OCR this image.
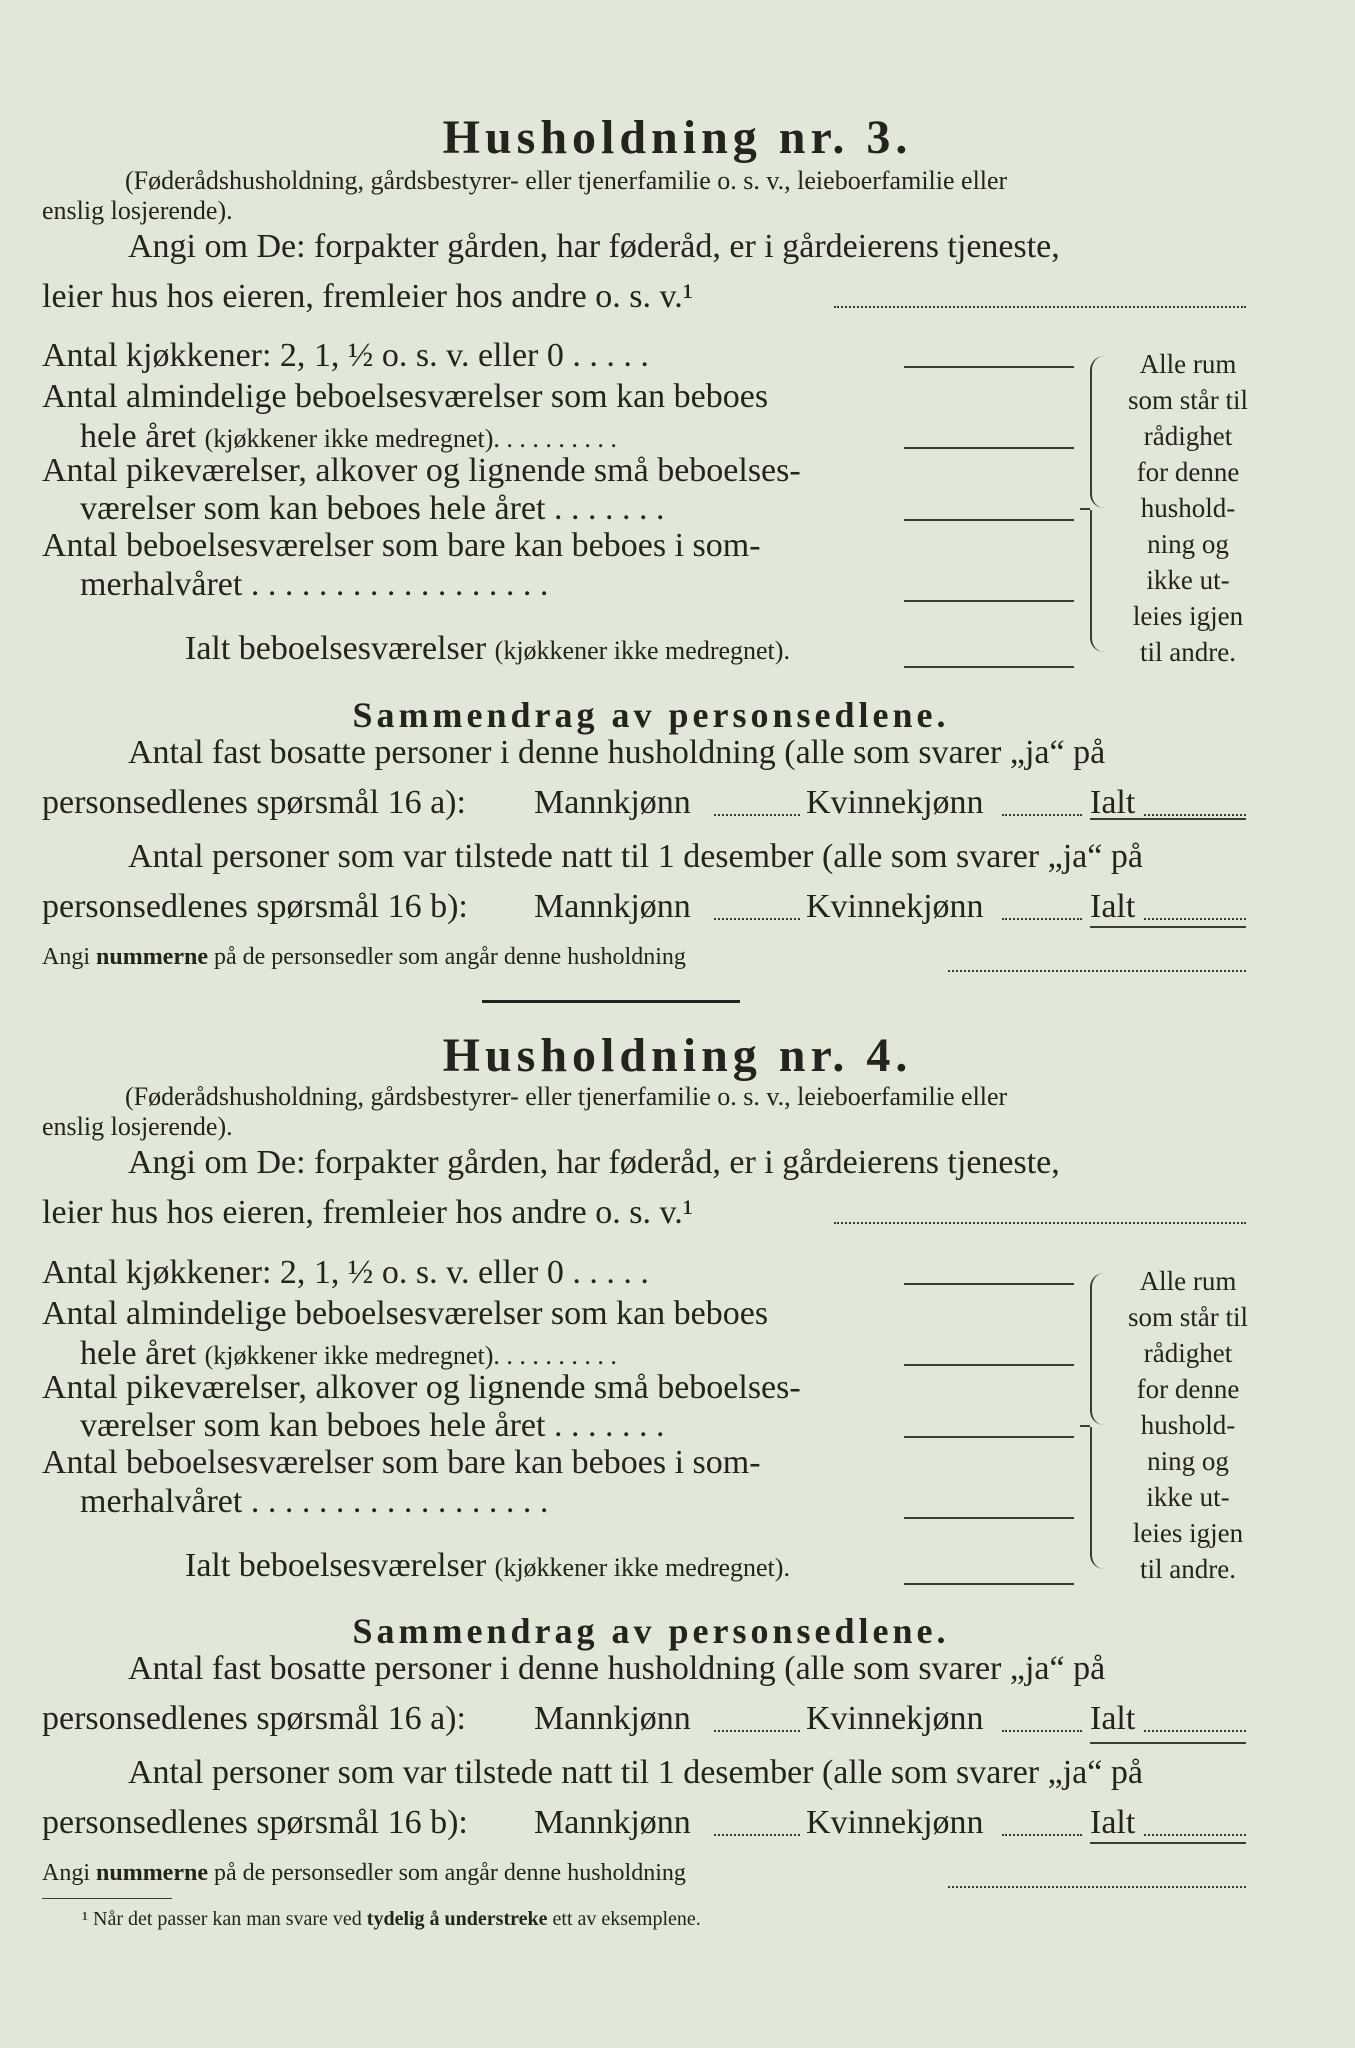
Husholdning nr. 3.
(Føderådshusholdning, gårdsbestyrer- eller tjenerfamilie o. s. v., leieboerfamilie eller
enslig losjerende).
Angi om De: forpakter gården, har føderåd, er i gårdeierens tjeneste,
leier hus hos eieren, fremleier hos andre o. s. v.¹
Antal kjøkkener: 2, 1, ½ o. s. v. eller 0 . . . . .
Antal almindelige beboelsesværelser som kan beboes
hele året (kjøkkener ikke medregnet). . . . . . . . . .
Antal pikeværelser, alkover og lignende små beboelses-
værelser som kan beboes hele året . . . . . . .
Antal beboelsesværelser som bare kan beboes i som-
merhalvåret . . . . . . . . . . . . . . . . . .
Ialt beboelsesværelser (kjøkkener ikke medregnet).
Alle rum
som står til
rådighet
for denne
hushold-
ning og
ikke ut-
leies igjen
til andre.
Sammendrag av personsedlene.
Antal fast bosatte personer i denne husholdning (alle som svarer „ja“ på
personsedlenes spørsmål 16 a): Mannkjønn	Kvinnekjønn	Ialt
Antal personer som var tilstede natt til 1 desember (alle som svarer „ja“ på
personsedlenes spørsmål 16 b): Mannkjønn	Kvinnekjønn	Ialt
Angi nummerne på de personsedler som angår denne husholdning
Husholdning nr. 4.
(Føderådshusholdning, gårdsbestyrer- eller tjenerfamilie o. s. v., leieboerfamilie eller
enslig losjerende).
Angi om De: forpakter gården, har føderåd, er i gårdeierens tjeneste,
leier hus hos eieren, fremleier hos andre o. s. v.¹
Antal kjøkkener: 2, 1, ½ o. s. v. eller 0 . . . . .
Antal almindelige beboelsesværelser som kan beboes
hele året (kjøkkener ikke medregnet). . . . . . . . . .
Antal pikeværelser, alkover og lignende små beboelses-
værelser som kan beboes hele året . . . . . . .
Antal beboelsesværelser som bare kan beboes i som-
merhalvåret . . . . . . . . . . . . . . . . . .
Ialt beboelsesværelser (kjøkkener ikke medregnet).
Alle rum
som står til
rådighet
for denne
hushold-
ning og
ikke ut-
leies igjen
til andre.
Sammendrag av personsedlene.
Antal fast bosatte personer i denne husholdning (alle som svarer „ja“ på
personsedlenes spørsmål 16 a): Mannkjønn	Kvinnekjønn	Ialt
Antal personer som var tilstede natt til 1 desember (alle som svarer „ja“ på
personsedlenes spørsmål 16 b): Mannkjønn	Kvinnekjønn	Ialt
Angi nummerne på de personsedler som angår denne husholdning
¹ Når det passer kan man svare ved tydelig å understreke ett av eksemplene.
